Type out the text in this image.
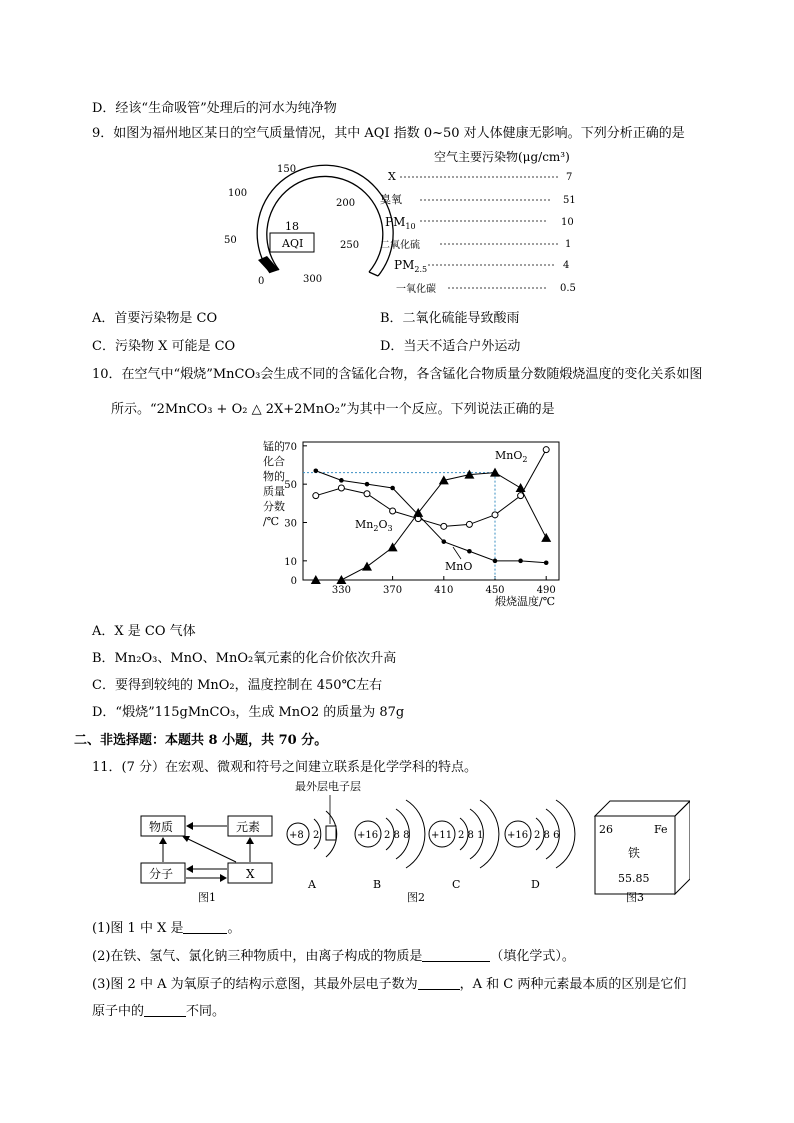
D．经该“生命吸管”处理后的河水为纯净物
9．如图为福州地区某日的空气质量情况，其中 AQI 指数 0~50 对人体健康无影响。下列分析正确的是
0
50
100
150
200
250
300
18
AQI
空气主要污染物(μg/cm³)
X	7
臭氧	51
$PM_{10}$	10
二氧化硫	1
$PM_{2.5}$	4
一氧化碳	0.5
A．首要污染物是 CO	B．二氧化硫能导致酸雨
C．污染物 X 可能是 CO	D．当天不适合户外运动
10．在空气中“煅烧”MnCO₃会生成不同的含锰化合物，各含锰化合物质量分数随煅烧温度的变化关系如图
所示。“2MnCO₃ + O₂ △ 2X+2MnO₂”为其中一个反应。下列说法正确的是
锰的
化合
物的
质量
分数
/℃
0
10
30
50
70
330	370	410	450	490
煅烧温度/℃
MnO$_2$
$Mn_2O_3$
MnO
A．X 是 CO 气体
B．Mn₂O₃、MnO、MnO₂氧元素的化合价依次升高
C．要得到较纯的 MnO₂，温度控制在 450℃左右
D．“煅烧”115gMnCO₃，生成 MnO2 的质量为 87g
二、非选择题：本题共 8 小题，共 70 分。
11．(7 分）在宏观、微观和符号之间建立联系是化学学科的特点。
物质	元素
分子	X
图1
最外层电子层
+8 2
A
+16 2 8 8
B
+11 2 8 1
C
+16 2 8 6
D
图2
26	Fe
铁
55.85
图3
(1)图 1 中 X 是	。
(2)在铁、氢气、氯化钠三种物质中，由离子构成的物质是	（填化学式）。
(3)图 2 中 A 为氧原子的结构示意图，其最外层电子数为	，A 和 C 两种元素最本质的区别是它们
原子中的	不同。
